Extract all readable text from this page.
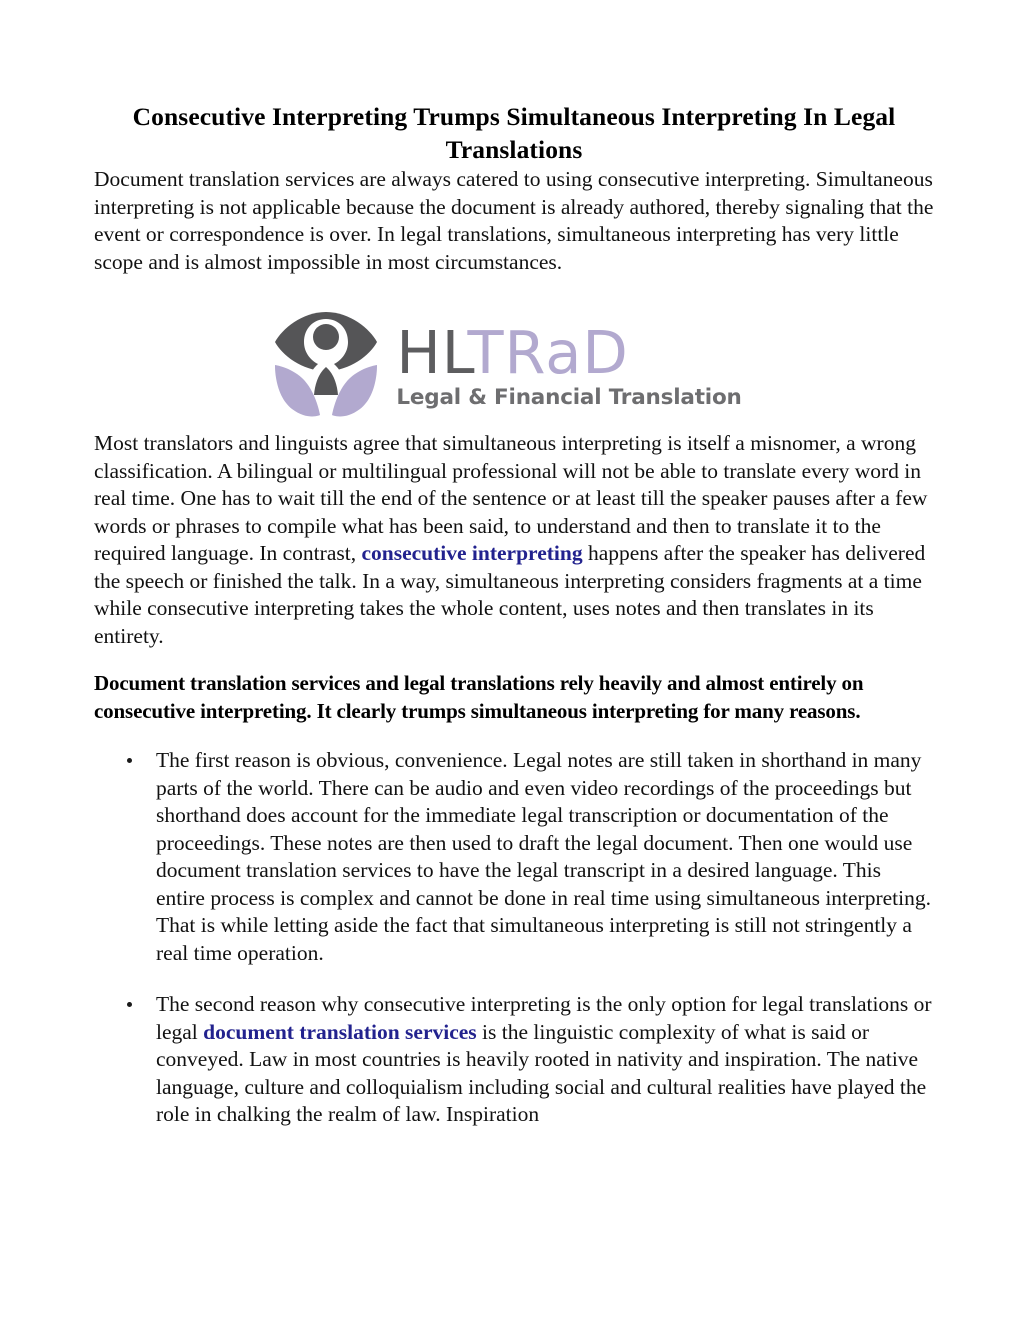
Consecutive Interpreting Trumps Simultaneous Interpreting In Legal Translations

Document translation services are always catered to using consecutive interpreting. Simultaneous interpreting is not applicable because the document is already authored, thereby signaling that the event or correspondence is over. In legal translations, simultaneous interpreting has very little scope and is almost impossible in most circumstances.

HLTRaD
Legal & Financial Translation

Most translators and linguists agree that simultaneous interpreting is itself a misnomer, a wrong classification. A bilingual or multilingual professional will not be able to translate every word in real time. One has to wait till the end of the sentence or at least till the speaker pauses after a few words or phrases to compile what has been said, to understand and then to translate it to the required language. In contrast, consecutive interpreting happens after the speaker has delivered the speech or finished the talk. In a way, simultaneous interpreting considers fragments at a time while consecutive interpreting takes the whole content, uses notes and then translates in its entirety.

Document translation services and legal translations rely heavily and almost entirely on consecutive interpreting. It clearly trumps simultaneous interpreting for many reasons.

The first reason is obvious, convenience. Legal notes are still taken in shorthand in many parts of the world. There can be audio and even video recordings of the proceedings but shorthand does account for the immediate legal transcription or documentation of the proceedings. These notes are then used to draft the legal document. Then one would use document translation services to have the legal transcript in a desired language. This entire process is complex and cannot be done in real time using simultaneous interpreting. That is while letting aside the fact that simultaneous interpreting is still not stringently a real time operation.
The second reason why consecutive interpreting is the only option for legal translations or legal document translation services is the linguistic complexity of what is said or conveyed. Law in most countries is heavily rooted in nativity and inspiration. The native language, culture and colloquialism including social and cultural realities have played the role in chalking the realm of law. Inspiration
